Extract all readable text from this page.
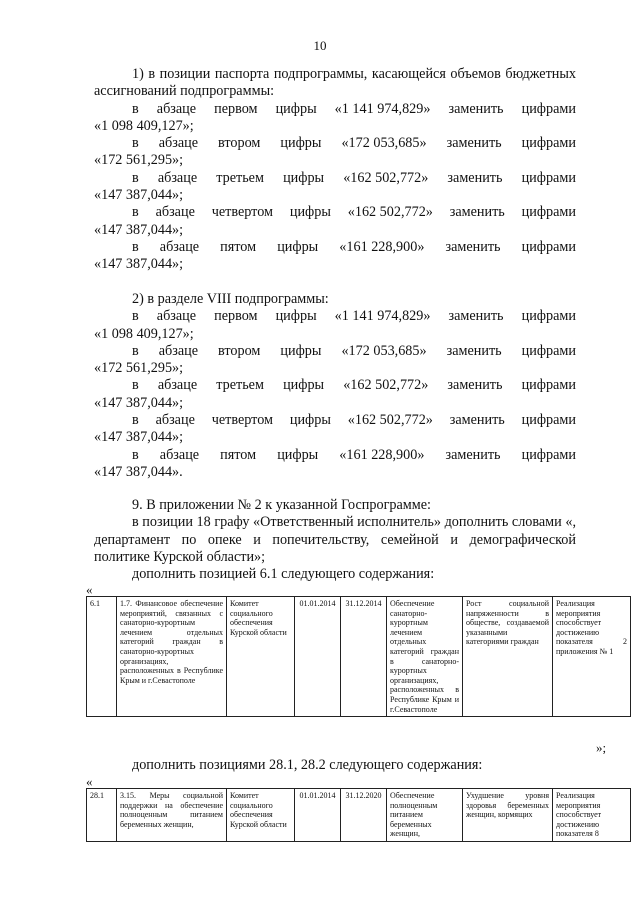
10

1) в позиции паспорта подпрограммы, касающейся объемов бюджетных ассигнований подпрограммы:

в абзаце первом цифры «1 141 974,829» заменить цифрами

«1 098 409,127»;

в абзаце втором цифры «172 053,685» заменить цифрами

«172 561,295»;

в абзаце третьем цифры «162 502,772» заменить цифрами

«147 387,044»;

в абзаце четвертом цифры «162 502,772» заменить цифрами

«147 387,044»;

в абзаце пятом цифры «161 228,900» заменить цифрами

«147 387,044»;

2) в разделе VIII подпрограммы:

в абзаце первом цифры «1 141 974,829» заменить цифрами

«1 098 409,127»;

в абзаце втором цифры «172 053,685» заменить цифрами

«172 561,295»;

в абзаце третьем цифры «162 502,772» заменить цифрами

«147 387,044»;

в абзаце четвертом цифры «162 502,772» заменить цифрами

«147 387,044»;

в абзаце пятом цифры «161 228,900» заменить цифрами

«147 387,044».

9. В приложении № 2 к указанной Госпрограмме:

в позиции 18 графу «Ответственный исполнитель» дополнить словами «, департамент по опеке и попечительству, семейной и демографической политике Курской области»;

дополнить позицией 6.1 следующего содержания:

«
6.1	1.7. Финансовое обеспечение мероприятий, связанных с санаторно-курортным лечением отдельных категорий граждан в санаторно-курортных организациях, расположенных в Республике Крым и г.Севастополе	Комитет социального обеспечения Курской области	01.01.2014	31.12.2014	Обеспечение санаторно-курортным лечением отдельных категорий граждан в санаторно-курортных организациях, расположенных в Республике Крым и г.Севастополе	Рост социальной напряженности в обществе, создаваемой указанными категориями граждан	Реализация мероприятия способствует достижению показателя 2 приложения № 1
»;

дополнить позициями 28.1, 28.2 следующего содержания:

«
28.1	3.15. Меры социальной поддержки на обеспечение полноценным питанием беременных женщин,	Комитет социального обеспечения Курской области	01.01.2014	31.12.2020	Обеспечение полноценным питанием беременных женщин,	Ухудшение уровня здоровья беременных женщин, кормящих	Реализация мероприятия способствует достижению показателя 8
